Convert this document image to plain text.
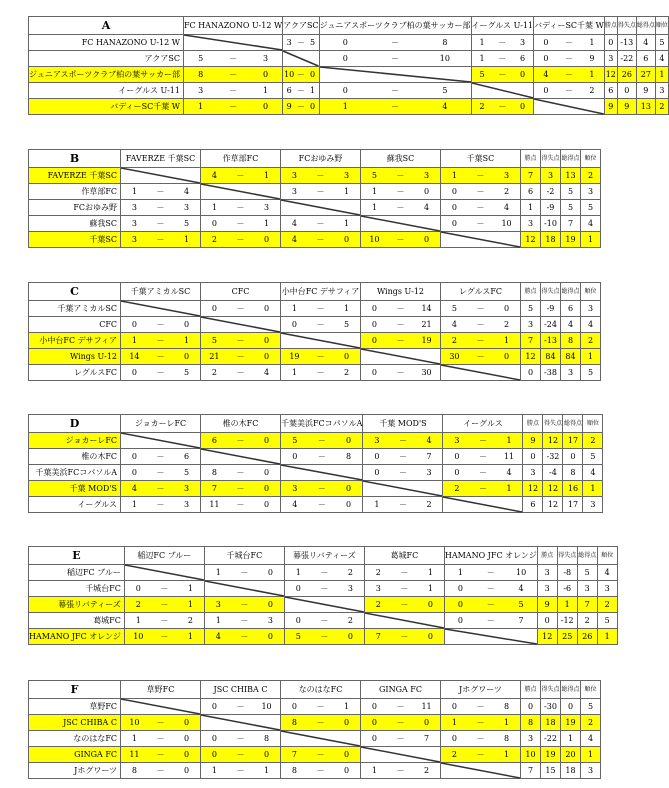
A	FC HANAZONO U-12 W	アクアSC	ジュニアスポーツクラブ柏の葉サッカー部	イーグルス U-11	バディーSC千葉 W	勝点	得失点	総得点	順位
FC HANAZONO U-12 W		3 － 5	0 － 8	1 － 3	0 － 1	0	-13	4	5
アクアSC	5 － 3		0 － 10	1 － 6	0 － 9	3	-22	6	4
ジュニアスポーツクラブ柏の葉サッカー部	8 － 0	10 － 0		5 － 0	4 － 1	12	26	27	1
イーグルス U-11	3 － 1	6 － 1	0 － 5		0 － 2	6	0	9	3
バディーSC千葉 W	1 － 0	9 － 0	1 － 4	2 － 0		9	9	13	2
B	FAVERZE 千葉SC	作草部FC	FCおゆみ野	蘇我SC	千葉SC	勝点	得失点	総得点	順位
FAVERZE 千葉SC		4 － 1	3 － 3	5 － 3	1 － 3	7	3	13	2
作草部FC	1 － 4		3 － 1	1 － 0	0 － 2	6	-2	5	3
FCおゆみ野	3 － 3	1 － 3		1 － 4	0 － 4	1	-9	5	5
蘇我SC	3 － 5	0 － 1	4 － 1		0 － 10	3	-10	7	4
千葉SC	3 － 1	2 － 0	4 － 0	10 － 0		12	18	19	1
C	千葉アミカルSC	CFC	小中台FC デサフィア	Wings U-12	レグルスFC	勝点	得失点	総得点	順位
千葉アミカルSC		0 － 0	1 － 1	0 － 14	5 － 0	5	-9	6	3
CFC	0 － 0		0 － 5	0 － 21	4 － 2	3	-24	4	4
小中台FC デサフィア	1 － 1	5 － 0		0 － 19	2 － 1	7	-13	8	2
Wings U-12	14 － 0	21 － 0	19 － 0		30 － 0	12	84	84	1
レグルスFC	0 － 5	2 － 4	1 － 2	0 － 30		0	-38	3	5
D	ジョカーレFC	椎の木FC	千葉美浜FCコパソルA	千葉 MOD'S	イーグルス	勝点	得失点	総得点	順位
ジョカーレFC		6 － 0	5 － 0	3 － 4	3 － 1	9	12	17	2
椎の木FC	0 － 6		0 － 8	0 － 7	0 － 11	0	-32	0	5
千葉美浜FCコパソルA	0 － 5	8 － 0		0 － 3	0 － 4	3	-4	8	4
千葉 MOD'S	4 － 3	7 － 0	3 － 0		2 － 1	12	12	16	1
イーグルス	1 － 3	11 － 0	4 － 0	1 － 2		6	12	17	3
E	稲辺FC ブルー	千城台FC	幕張リバティーズ	葛城FC	HAMANO JFC オレンジ	勝点	得失点	総得点	順位
稲辺FC ブルー		1 － 0	1 － 2	2 － 1	1 － 10	3	-8	5	4
千城台FC	0 － 1		0 － 3	3 － 1	0 － 4	3	-6	3	3
幕張リバティーズ	2 － 1	3 － 0		2 － 0	0 － 5	9	1	7	2
葛城FC	1 － 2	1 － 3	0 － 2		0 － 7	0	-12	2	5
HAMANO JFC オレンジ	10 － 1	4 － 0	5 － 0	7 － 0		12	25	26	1
F	草野FC	JSC CHIBA C	なのはなFC	GINGA FC	Jホグワーツ	勝点	得失点	総得点	順位
草野FC		0 － 10	0 － 1	0 － 11	0 － 8	0	-30	0	5
JSC CHIBA C	10 － 0		8 － 0	0 － 0	1 － 1	8	18	19	2
なのはなFC	1 － 0	0 － 8		0 － 7	0 － 8	3	-22	1	4
GINGA FC	11 － 0	0 － 0	7 － 0		2 － 1	10	19	20	1
Jホグワーツ	8 － 0	1 － 1	8 － 0	1 － 2		7	15	18	3
